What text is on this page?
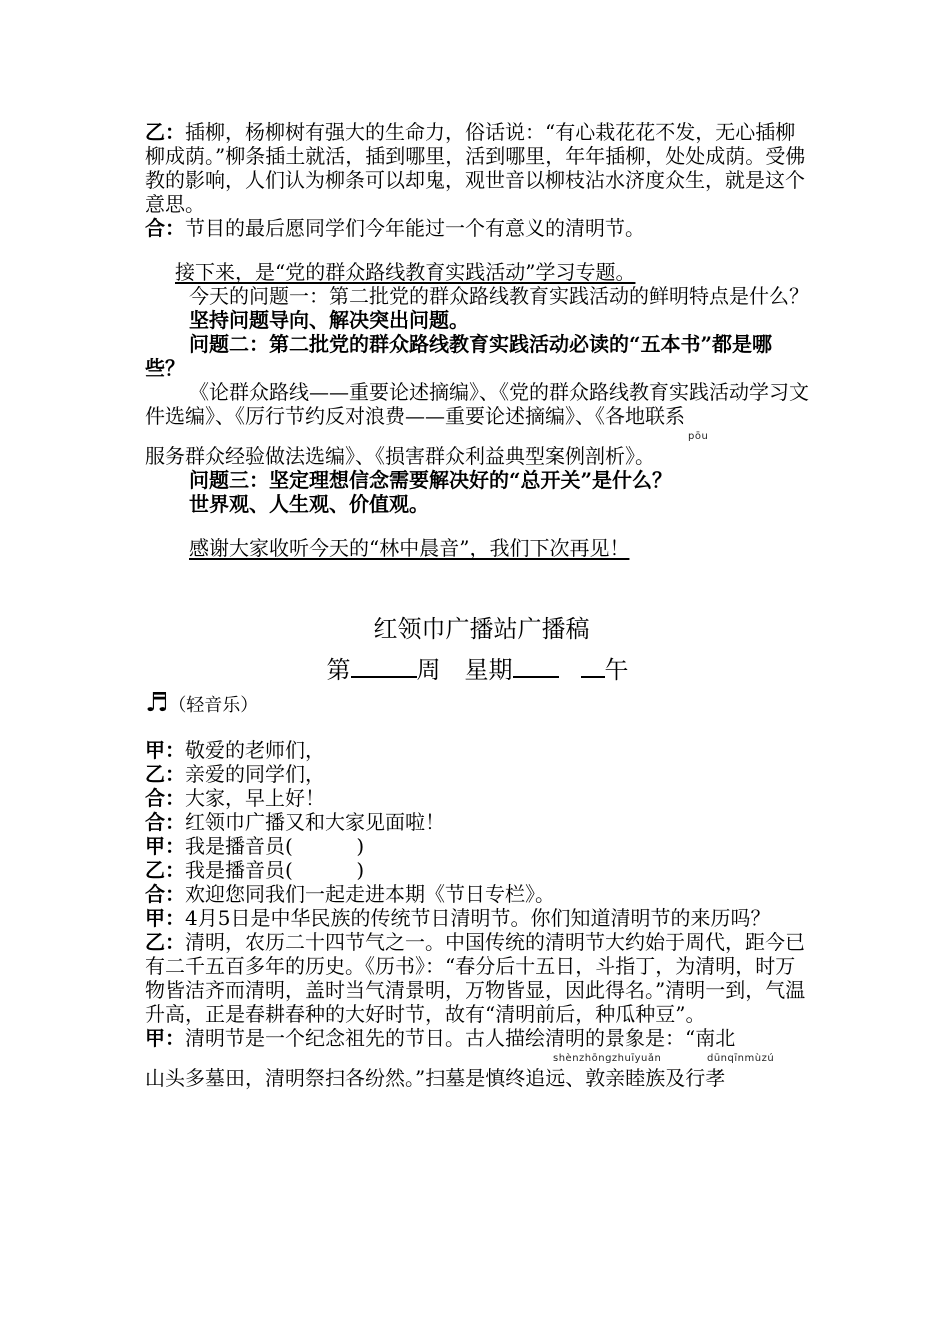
乙：插柳，杨柳树有强大的生命力，俗话说：“有心栽花花不发，无心插柳柳成荫。”柳条插土就活，插到哪里，活到哪里，年年插柳，处处成荫。受佛教的影响，人们认为柳条可以却鬼，观世音以柳枝沾水济度众生，就是这个意思。

合：节目的最后愿同学们今年能过一个有意义的清明节。

接下来，是“党的群众路线教育实践活动”学习专题。

今天的问题一：第二批党的群众路线教育实践活动的鲜明特点是什么？

坚持问题导向、解决突出问题。

问题二：第二批党的群众路线教育实践活动必读的“五本书”都是哪些？

《论群众路线——重要论述摘编》、《党的群众路线教育实践活动学习文件选编》、《厉行节约反对浪费——重要论述摘编》、《各地联系

pōu
服务群众经验做法选编》、《损害群众利益典型案例剖析》。

问题三：坚定理想信念需要解决好的“总开关”是什么？

世界观、人生观、价值观。

感谢大家收听今天的“林中晨音”，我们下次再见！

红领巾广播站广播稿
第	周 星期	午
♬（轻音乐）

甲：敬爱的老师们，

乙：亲爱的同学们，

合：大家，早上好！

合：红领巾广播又和大家见面啦！

甲：我是播音员(          )

乙：我是播音员(          )

合：欢迎您同我们一起走进本期《节日专栏》。

甲：4月5日是中华民族的传统节日清明节。你们知道清明节的来历吗？

乙：清明，农历二十四节气之一。中国传统的清明节大约始于周代，距今已有二千五百多年的历史。《历书》：“春分后十五日，斗指丁，为清明，时万物皆洁齐而清明，盖时当气清景明，万物皆显，因此得名。”清明一到，气温升高，正是春耕春种的大好时节，故有“清明前后，种瓜种豆”。

甲：清明节是一个纪念祖先的节日。古人描绘清明的景象是：“南北

shènzhōngzhuīyuǎn	dūnqīnmùzú
山头多墓田，清明祭扫各纷然。”扫墓是慎终追远、敦亲睦族及行孝
